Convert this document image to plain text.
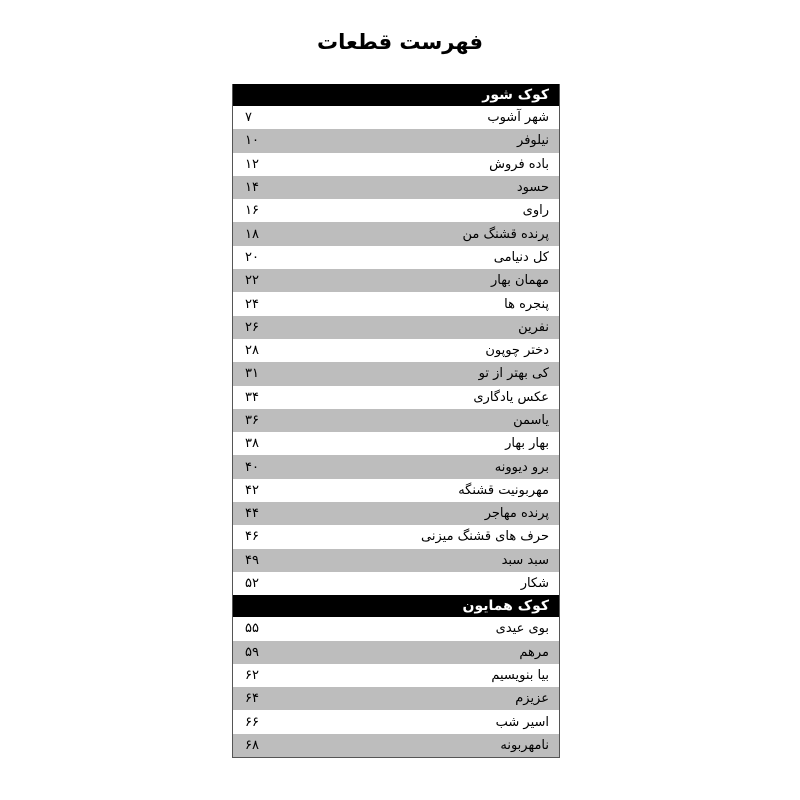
فهرست قطعات
کوک شور
شهر آشوب
۷
نیلوفر
۱۰
باده فروش
۱۲
حسود
۱۴
راوی
۱۶
پرنده قشنگ من
۱۸
کل دنیامی
۲۰
مهمان بهار
۲۲
پنجره ها
۲۴
نفرین
۲۶
دختر چوپون
۲۸
کی بهتر از تو
۳۱
عکس یادگاری
۳۴
یاسمن
۳۶
بهار بهار
۳۸
برو دیوونه
۴۰
مهربونیت قشنگه
۴۲
پرنده مهاجر
۴۴
حرف های قشنگ میزنی
۴۶
سبد سبد
۴۹
شکار
۵۲
کوک همایون
بوی عیدی
۵۵
مرهم
۵۹
بیا بنویسیم
۶۲
عزیزم
۶۴
اسیر شب
۶۶
نامهربونه
۶۸
